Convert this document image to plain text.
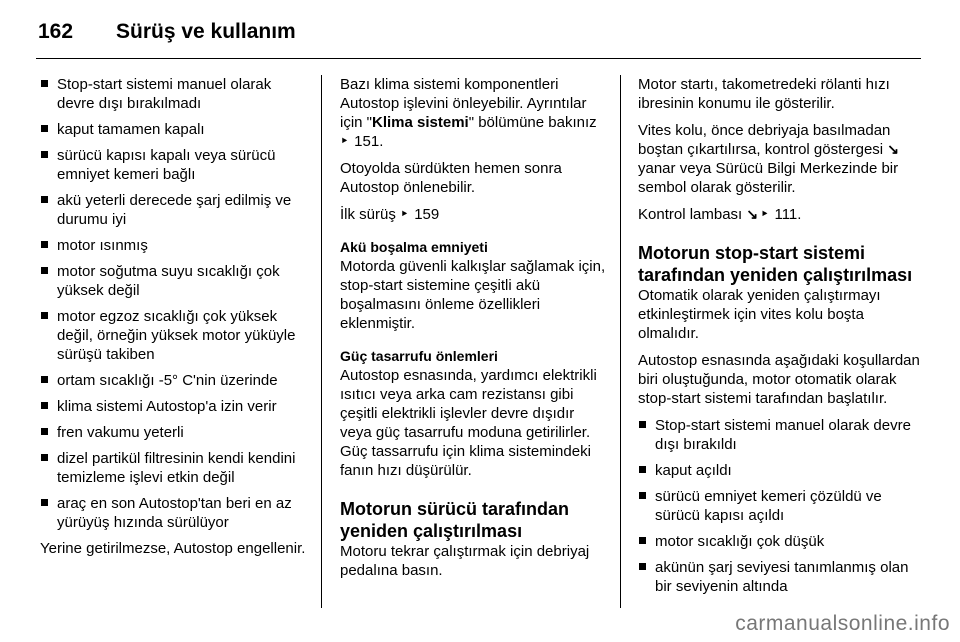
162 Sürüş ve kullanım
Stop-start sistemi manuel olarak devre dışı bırakılmadı
kaput tamamen kapalı
sürücü kapısı kapalı veya sürücü emniyet kemeri bağlı
akü yeterli derecede şarj edilmiş ve durumu iyi
motor ısınmış
motor soğutma suyu sıcaklığı çok yüksek değil
motor egzoz sıcaklığı çok yüksek değil, örneğin yüksek motor yüküyle sürüşü takiben
ortam sıcaklığı -5° C'nin üzerinde
klima sistemi Autostop'a izin verir
fren vakumu yeterli
dizel partikül filtresinin kendi kendini temizleme işlevi etkin değil
araç en son Autostop'tan beri en az yürüyüş hızında sürülüyor

Yerine getirilmezse, Autostop engellenir.

Bazı klima sistemi komponentleri Autostop işlevini önleyebilir. Ayrıntılar için "Klima sistemi" bölümüne bakınız
‣ 151.

Otoyolda sürdükten hemen sonra Autostop önlenebilir.

İlk sürüş ‣ 159

Akü boşalma emniyeti

Motorda güvenli kalkışlar sağlamak için, stop-start sistemine çeşitli akü boşalmasını önleme özellikleri eklenmiştir.

Güç tasarrufu önlemleri

Autostop esnasında, yardımcı elektrikli ısıtıcı veya arka cam rezistansı gibi çeşitli elektrikli işlevler devre dışıdır veya güç tasarrufu moduna getirilirler. Güç tassarrufu için klima sistemindeki fanın hızı düşürülür.

Motorun sürücü tarafından yeniden çalıştırılması

Motoru tekrar çalıştırmak için debriyaj pedalına basın.

Motor startı, takometredeki rölanti hızı ibresinin konumu ile gösterilir.

Vites kolu, önce debriyaja basılmadan boştan çıkartılırsa, kontrol göstergesi ↘ yanar veya Sürücü Bilgi Merkezinde bir sembol olarak gösterilir.

Kontrol lambası ↘ ‣ 111.

Motorun stop-start sistemi tarafından yeniden çalıştırılması

Otomatik olarak yeniden çalıştırmayı etkinleştirmek için vites kolu boşta olmalıdır.

Autostop esnasında aşağıdaki koşullardan biri oluştuğunda, motor otomatik olarak stop-start sistemi tarafından başlatılır.

Stop-start sistemi manuel olarak devre dışı bırakıldı
kaput açıldı
sürücü emniyet kemeri çözüldü ve sürücü kapısı açıldı
motor sıcaklığı çok düşük
akünün şarj seviyesi tanımlanmış olan bir seviyenin altında
carmanualsonline.info
